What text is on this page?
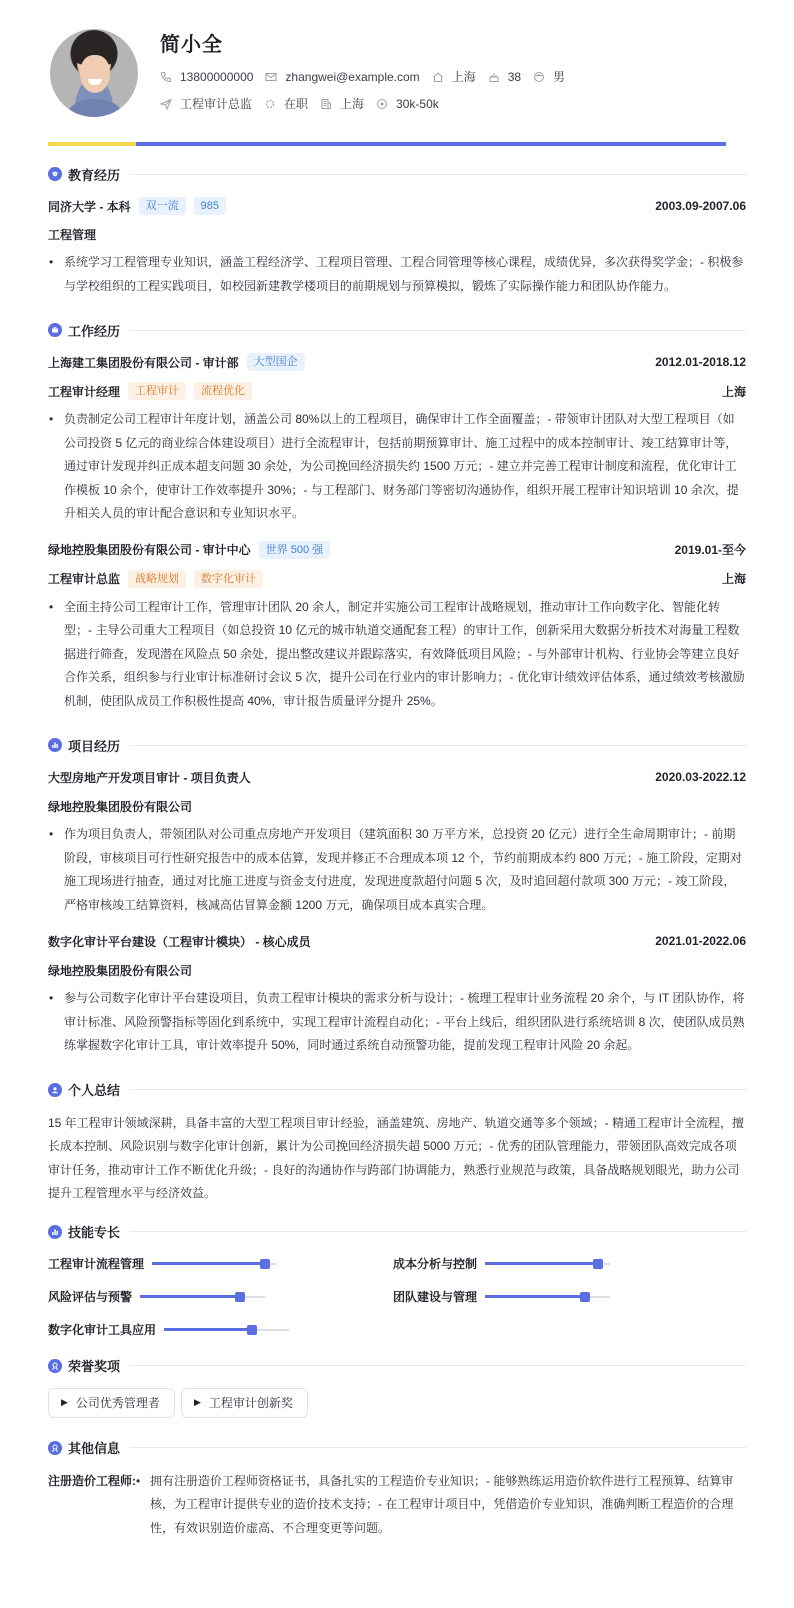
简小全
13800000000	zhangwei@example.com	上海	38	男
工程审计总监	在职	上海	30k-50k
教育经历
同济大学 - 本科	双一流	985	2003.09-2007.06
工程管理
• 系统学习工程管理专业知识，涵盖工程经济学、工程项目管理、工程合同管理等核心课程，成绩优异，多次获得奖学金；- 积极参与学校组织的工程实践项目，如校园新建教学楼项目的前期规划与预算模拟，锻炼了实际操作能力和团队协作能力。
工作经历
上海建工集团股份有限公司 - 审计部	大型国企	2012.01-2018.12
工程审计经理	工程审计	流程优化	上海
• 负责制定公司工程审计年度计划，涵盖公司 80%以上的工程项目，确保审计工作全面覆盖；- 带领审计团队对大型工程项目（如公司投资 5 亿元的商业综合体建设项目）进行全流程审计，包括前期预算审计、施工过程中的成本控制审计、竣工结算审计等，通过审计发现并纠正成本超支问题 30 余处，为公司挽回经济损失约 1500 万元；- 建立并完善工程审计制度和流程，优化审计工作模板 10 余个，使审计工作效率提升 30%；- 与工程部门、财务部门等密切沟通协作，组织开展工程审计知识培训 10 余次，提升相关人员的审计配合意识和专业知识水平。
绿地控股集团股份有限公司 - 审计中心	世界 500 强	2019.01-至今
工程审计总监	战略规划	数字化审计	上海
• 全面主持公司工程审计工作，管理审计团队 20 余人，制定并实施公司工程审计战略规划，推动审计工作向数字化、智能化转型；- 主导公司重大工程项目（如总投资 10 亿元的城市轨道交通配套工程）的审计工作，创新采用大数据分析技术对海量工程数据进行筛查，发现潜在风险点 50 余处，提出整改建议并跟踪落实，有效降低项目风险；- 与外部审计机构、行业协会等建立良好合作关系，组织参与行业审计标准研讨会议 5 次，提升公司在行业内的审计影响力；- 优化审计绩效评估体系，通过绩效考核激励机制，使团队成员工作积极性提高 40%，审计报告质量评分提升 25%。
项目经历
大型房地产开发项目审计 - 项目负责人	2020.03-2022.12
绿地控股集团股份有限公司
• 作为项目负责人，带领团队对公司重点房地产开发项目（建筑面积 30 万平方米，总投资 20 亿元）进行全生命周期审计；- 前期阶段，审核项目可行性研究报告中的成本估算，发现并修正不合理成本项 12 个，节约前期成本约 800 万元；- 施工阶段，定期对施工现场进行抽查，通过对比施工进度与资金支付进度，发现进度款超付问题 5 次，及时追回超付款项 300 万元；- 竣工阶段，严格审核竣工结算资料，核减高估冒算金额 1200 万元，确保项目成本真实合理。
数字化审计平台建设（工程审计模块） - 核心成员	2021.01-2022.06
绿地控股集团股份有限公司
• 参与公司数字化审计平台建设项目，负责工程审计模块的需求分析与设计；- 梳理工程审计业务流程 20 余个，与 IT 团队协作，将审计标准、风险预警指标等固化到系统中，实现工程审计流程自动化；- 平台上线后，组织团队进行系统培训 8 次，使团队成员熟练掌握数字化审计工具，审计效率提升 50%，同时通过系统自动预警功能，提前发现工程审计风险 20 余起。
个人总结
15 年工程审计领域深耕，具备丰富的大型工程项目审计经验，涵盖建筑、房地产、轨道交通等多个领域；- 精通工程审计全流程，擅长成本控制、风险识别与数字化审计创新，累计为公司挽回经济损失超 5000 万元；- 优秀的团队管理能力，带领团队高效完成各项审计任务，推动审计工作不断优化升级；- 良好的沟通协作与跨部门协调能力，熟悉行业规范与政策，具备战略规划眼光，助力公司提升工程管理水平与经济效益。
技能专长
工程审计流程管理	成本分析与控制
风险评估与预警	团队建设与管理
数字化审计工具应用
荣誉奖项
▶ 公司优秀管理者	▶ 工程审计创新奖
其他信息
注册造价工程师: • 拥有注册造价工程师资格证书，具备扎实的工程造价专业知识；- 能够熟练运用造价软件进行工程预算、结算审核，为工程审计提供专业的造价技术支持；- 在工程审计项目中，凭借造价专业知识，准确判断工程造价的合理性，有效识别造价虚高、不合理变更等问题。
